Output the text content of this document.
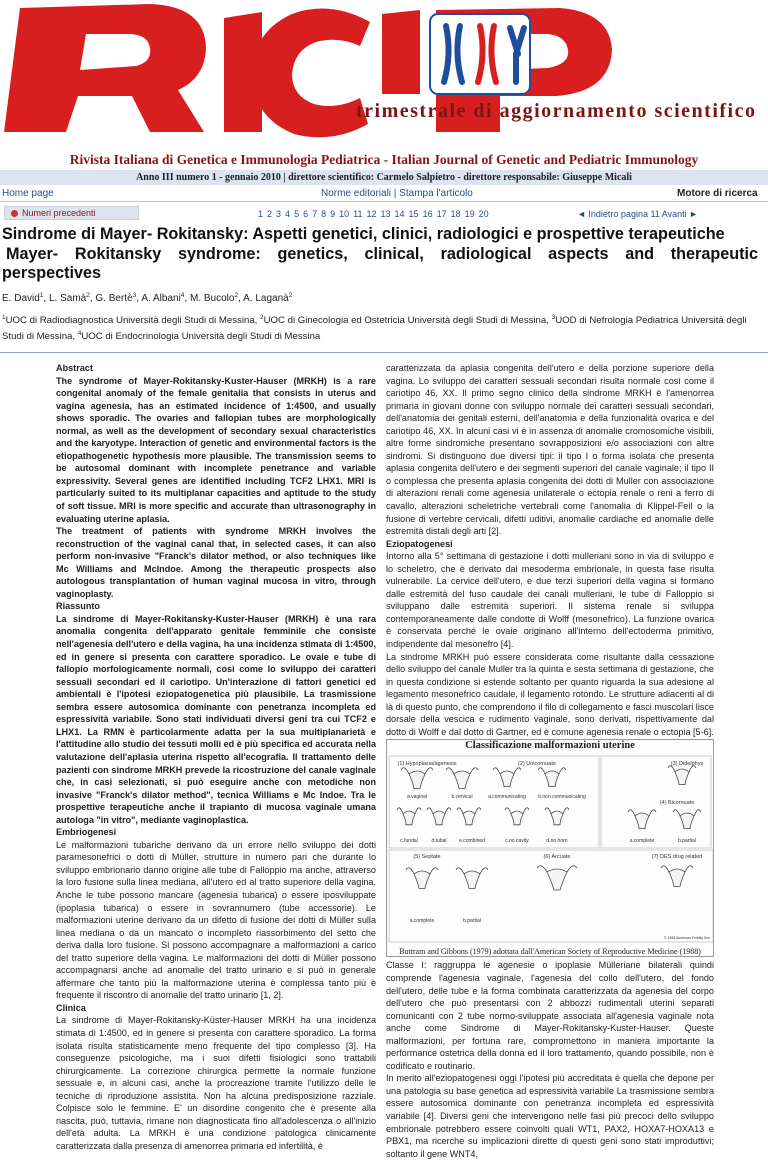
trimestrale di aggiornamento scientifico
Rivista Italiana di Genetica e Immunologia Pediatrica - Italian Journal of Genetic and Pediatric Immunology
Anno III numero 1 - gennaio 2010 | direttore scientifico: Carmelo Salpietro - direttore responsabile: Giuseppe Micali
Home page	Norme editoriali | Stampa l'articolo	Motore di ricerca
Numeri precedenti	1 2 3 4 5 6 7 8 9 10 11 12 13 14 15 16 17 18 19 20	◄ Indietro pagina 11 Avanti ►
Sindrome di Mayer- Rokitansky: Aspetti genetici, clinici, radiologici e prospettive terapeutiche
Mayer- Rokitansky syndrome: genetics, clinical, radiological aspects and therapeutic
perspectives
E. David$^1$, L. Samà$^2$, G. Bertè$^3$, A. Albani$^4$, M. Bucolo$^2$, A. Laganà$^2$
$^1$UOC di Radiodiagnostica Università degli Studi di Messina, $^2$UOC di Ginecologia ed Ostetricia Università degli Studi di Messina, $^3$UOD di Nefrologia Pediatrica Università degli Studi di Messina, $^4$UOC di Endocrinologia Università degli Studi di Messina

Abstract

The syndrome of Mayer-Rokitansky-Kuster-Hauser (MRKH) is a rare congenital anomaly of the female genitalia that consists in uterus and vagina agenesia, has an estimated incidence of 1:4500, and usually shows sporadic. The ovaries and fallopian tubes are morphologically normal, as well as the development of secondary sexual characteristics and the karyotype. Interaction of genetic and environmental factors is the etiopathogenetic hypothesis more plausible. The transmission seems to be autosomal dominant with incomplete penetrance and variable expressivity. Several genes are identified including TCF2 LHX1. MRI is particularly suited to its multiplanar capacities and aptitude to the study of soft tissue. MRI is more specific and accurate than ultrasonography in evaluating uterine aplasia.

The treatment of patients with syndrome MRKH involves the reconstruction of the vaginal canal that, in selected cases, it can also perform non-invasive "Franck's dilator method, or also techniques like Mc Williams and McIndoe. Among the therapeutic prospects also autologous transplantation of human vaginal mucosa in vitro, through vaginoplasty.

Riassunto

La sindrome di Mayer-Rokitansky-Kuster-Hauser (MRKH) è una rara anomalia congenita dell'apparato genitale femminile che consiste nell'agenesia dell'utero e della vagina, ha una incidenza stimata di 1:4500, ed in genere si presenta con carattere sporadico. Le ovaie e tube di fallopio morfologicamente normali, così come lo sviluppo dei caratteri sessuali secondari ed il cariotipo. Un'interazione di fattori genetici ed ambientali è l'ipotesi eziopatogenetica più plausibile. La trasmissione sembra essere autosomica dominante con penetranza incompleta ed espressività variabile. Sono stati individuati diversi geni tra cui TCF2 e LHX1. La RMN è particolarmente adatta per la sua multiplanarietà e l'attitudine allo studio dei tessuti molli ed è più specifica ed accurata nella valutazione dell'aplasia uterina rispetto all'ecografia. Il trattamento delle pazienti con sindrome MRKH prevede la ricostruzione del canale vaginale che, in casi selezionati, si può eseguire anche con metodiche non invasive "Franck's dilator method", tecnica Williams e Mc Indoe. Tra le prospettive terapeutiche anche il trapianto di mucosa vaginale umana autologa "in vitro", mediante vaginoplastica.

Embriogenesi

Le malformazioni tubariche derivano da un errore nello sviluppo dei dotti paramesonefrici o dotti di Müller, strutture in numero pari che durante lo sviluppo embrionario danno origine alle tube di Falloppio ma anche, attraverso la loro fusione sulla linea mediana, all'utero ed al tratto superiore della vagina. Anche le tube possono mancare (agenesia tubarica) o essere iposviluppate (ipoplasia tubarica) o essere in sovrannumero (tube accessorie). Le malformazioni uterine derivano da un difetto di fusione dei dotti di Müller sulla linea mediana o da un mancato o incompleto riassorbimento del setto che deriva dalla loro fusione. Si possono accompagnare a malformazioni a carico del tratto superiore della vagina. Le malformazioni dei dotti di Müller possono accompagnarsi anche ad anomalie del tratto urinario e si può in generale affermare che tanto più la malformazione uterina è complessa tanto più è frequente il riscontro di anomalie del tratto urinario [1, 2].

Clinica

La sindrome di Mayer-Rokitansky-Küster-Hauser MRKH ha una incidenza stimata di 1:4500, ed in genere si presenta con carattere sporadico. La forma isolata risulta statisticamente meno frequente del tipo complesso [3]. Ha conseguenze psicologiche, ma i suoi difetti fisiologici sono trattabili chirurgicamente. La correzione chirurgica permette la normale funzione sessuale e, in alcuni casi, anche la procreazione tramite l'utilizzo delle le tecniche di riproduzione assistita. Non ha alcuna predisposizione razziale. Colpisce solo le femmine. E' un disordine congenito che è presente alla nascita, può, tuttavia, rimane non diagnosticata fino all'adolescenza o all'inizio dell'età adulta. La MRKH è una condizione patologica clinicamente caratterizzata dalla presenza di amenorrea primaria ed infertilità, è

caratterizzata da aplasia congenita dell'utero e della porzione superiore della vagina. Lo sviluppo dei caratteri sessuali secondari risulta normale così come il cariotipo 46, XX. Il primo segno clinico della sindrome MRKH è l'amenorrea primaria in giovani donne con sviluppo normale dei caratteri sessuali secondari, dell'anatomia dei genitali esterni, dell'anatomia e della funzionalità ovarica e del cariotipo 46, XX. In alcuni casi vi è in assenza di anomalie cromosomiche visibili, altre forme sindromiche presentano sovrapposizioni e/o associazioni con altre sindromi. Si distinguono due diversi tipi: il tipo I o forma isolata che presenta aplasia congenita dell'utero e dei segmenti superiori del canale vaginale; il tipo II o complessa che presenta aplasia congenita dei dotti di Muller con associazione di alterazioni renali come agenesia unilaterale o ectopia renale o reni a ferro di cavallo, alterazioni scheletriche vertebrali come l'anomalia di Klippel-Feil o la fusione di vertebre cervicali, difetti uditivi, anomalie cardiache ed anomalie delle estremità distali degli arti [2].

Eziopatogenesi

Intorno alla 5° settimana di gestazione i dotti mulleriani sono in via di sviluppo e lo scheletro, che è derivato dal mesoderma embrionale, in questa fase risulta vulnerabile. La cervice dell'utero, e due terzi superiori della vagina si formano dalle estremità del fuso caudale dei canali mulleriani, le tube di Falloppio si sviluppano dalle estremità superiori. Il sistema renale si sviluppa contemporaneamente dalle condotte di Wolff (mesonefrico). La funzione ovarica è conservata perché le ovaie originano all'interno dell'ectoderma primitivo, indipendente dal mesonefro [4].

La sindrome MRKH può essere considerata come risultante dalla cessazione dello sviluppo del canale Muller tra la quinta e sesta settimana di gestazione, che in questa condizione si estende soltanto per quanto riguarda la sua adesione al legamento mesonefrico caudale, il legamento rotondo. Le strutture adiacenti al di là di questo punto, che comprendono il filo di collegamento e fasci muscolari lisce dorsale della vescica e rudimento vaginale, sono derivati, rispettivamente dal dotto di Wolff e dal dotto di Gartner, ed è comune agenesia renale o ectopia [5-6].

Classificazione malformazioni uterine
(1) Hypoplasia/agenesis	(2) Unicornuate	(3) Didelphys
(4) Bicornuate
(5) Septate	(6) Arcuate	(7) DES drug related
a.vaginal	b.cervical	a.communicating b.non communicating
c.fundal	d.tubal	e.combined	c.no cavity	d.no horn	a.complete	b.partial
a.complete	b.partial
© 1988 American Fertility Soc
Buttram and Gibbons (1979) adottata dall'American Society of Reproductive Medicine (1988)

Classe I: raggruppa le agenesie o ipoplasie Mülleriane bilaterali quindi comprende l'agenesia vaginale, l'agenesia del collo dell'utero, del fondo dell'utero, delle tube e la forma combinata caratterizzata da agenesia del corpo dell'utero che può presentarsi con 2 abbozzi rudimentali uterini separati comunicanti con 2 tube normo-sviluppate associata all'agenesia vaginale nota anche come Sindrome di Mayer-Rokitansky-Kuster-Hauser. Queste malformazioni, per fortuna rare, compromettono in maniera importante la performance ostetrica della donna ed il loro trattamento, quando possibile, non è codificato e routinario.

In merito all'eziopatogenesi oggi l'ipotesi più accreditata è quella che depone per una patologia su base genetica ad espressività variabile La trasmissione sembra essere autosomica dominante con penetranza incompleta ed espressività variabile [4]. Diversi geni che intervengono nelle fasi più precoci dello sviluppo embrionale potrebbero essere coinvolti quali WT1, PAX2, HOXA7-HOXA13 e PBX1, ma ricerche su implicazioni dirette di questi geni sono stati improduttivi; soltanto il gene WNT4,
